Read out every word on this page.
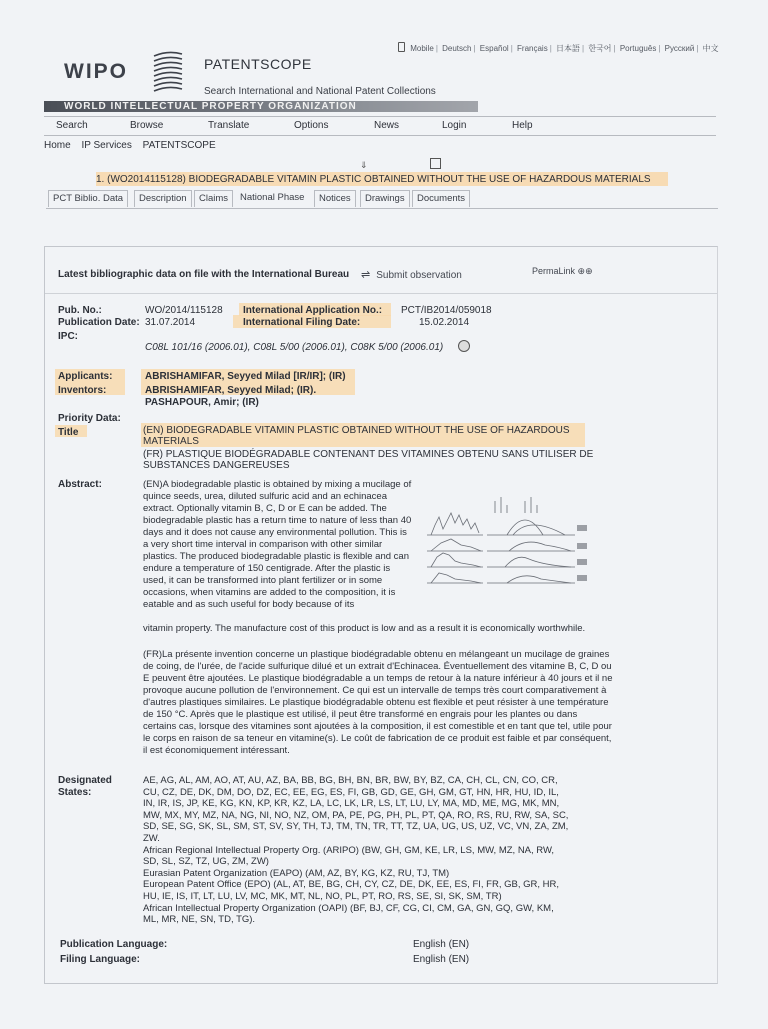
Mobile | Deutsch | Español | Français | 日本語 | 한국어 | Português | Русский | 中文
WIPO	PATENTSCOPE
Search International and National Patent Collections
WORLD INTELLECTUAL PROPERTY ORGANIZATION
Search	Browse	Translate	Options	News	Login	Help
Home IP Services PATENTSCOPE
⇓
1. (WO2014115128) BIODEGRADABLE VITAMIN PLASTIC OBTAINED WITHOUT THE USE OF HAZARDOUS MATERIALS
PCT Biblio. Data	Description	Claims	National Phase	Notices	Drawings	Documents
Latest bibliographic data on file with the International Bureau ⇌ Submit observation	PermaLink ⊕⊕
Pub. No.:	WO/2014/115128
Publication Date: 31.07.2014
International Application No.: PCT/IB2014/059018
International Filing Date:	15.02.2014
IPC:
C08L 101/16 (2006.01), C08L 5/00 (2006.01), C08K 5/00 (2006.01)
Applicants:	ABRISHAMIFAR, Seyyed Milad [IR/IR]; (IR)
Inventors:	ABRISHAMIFAR, Seyyed Milad; (IR).
PASHAPOUR, Amir; (IR)
Priority Data:
Title	(EN) BIODEGRADABLE VITAMIN PLASTIC OBTAINED WITHOUT THE USE OF HAZARDOUS MATERIALS
(FR) PLASTIQUE BIODÉGRADABLE CONTENANT DES VITAMINES OBTENU SANS UTILISER DE SUBSTANCES DANGEREUSES
Abstract:	(EN)A biodegradable plastic is obtained by mixing a mucilage of quince seeds, urea, diluted sulfuric acid and an echinacea extract. Optionally vitamin B, C, D or E can be added. The biodegradable plastic has a return time to nature of less than 40 days and it does not cause any environmental pollution. This is a very short time interval in comparison with other similar plastics. The produced biodegradable plastic is flexible and can endure a temperature of 150 centigrade. After the plastic is used, it can be transformed into plant fertilizer or in some occasions, when vitamins are added to the composition, it is eatable and as such useful for body because of its
vitamin property. The manufacture cost of this product is low and as a result it is economically worthwhile.
(FR)La présente invention concerne un plastique biodégradable obtenu en mélangeant un mucilage de graines de coing, de l'urée, de l'acide sulfurique dilué et un extrait d'Echinacea. Éventuellement des vitamine B, C, D ou E peuvent être ajoutées. Le plastique biodégradable a un temps de retour à la nature inférieur à 40 jours et il ne provoque aucune pollution de l'environnement. Ce qui est un intervalle de temps très court comparativement à d'autres plastiques similaires. Le plastique biodégradable obtenu est flexible et peut résister à une température de 150 °C. Après que le plastique est utilisé, il peut être transformé en engrais pour les plantes ou dans certains cas, lorsque des vitamines sont ajoutées à la composition, il est comestible et en tant que tel, utile pour le corps en raison de sa teneur en vitamine(s). Le coût de fabrication de ce produit est faible et par conséquent, il est économiquement intéressant.
Designated
States:
AE, AG, AL, AM, AO, AT, AU, AZ, BA, BB, BG, BH, BN, BR, BW, BY, BZ, CA, CH, CL, CN, CO, CR,
CU, CZ, DE, DK, DM, DO, DZ, EC, EE, EG, ES, FI, GB, GD, GE, GH, GM, GT, HN, HR, HU, ID, IL,
IN, IR, IS, JP, KE, KG, KN, KP, KR, KZ, LA, LC, LK, LR, LS, LT, LU, LY, MA, MD, ME, MG, MK, MN,
MW, MX, MY, MZ, NA, NG, NI, NO, NZ, OM, PA, PE, PG, PH, PL, PT, QA, RO, RS, RU, RW, SA, SC,
SD, SE, SG, SK, SL, SM, ST, SV, SY, TH, TJ, TM, TN, TR, TT, TZ, UA, UG, US, UZ, VC, VN, ZA, ZM,
ZW.
African Regional Intellectual Property Org. (ARIPO) (BW, GH, GM, KE, LR, LS, MW, MZ, NA, RW,
SD, SL, SZ, TZ, UG, ZM, ZW)
Eurasian Patent Organization (EAPO) (AM, AZ, BY, KG, KZ, RU, TJ, TM)
European Patent Office (EPO) (AL, AT, BE, BG, CH, CY, CZ, DE, DK, EE, ES, FI, FR, GB, GR, HR,
HU, IE, IS, IT, LT, LU, LV, MC, MK, MT, NL, NO, PL, PT, RO, RS, SE, SI, SK, SM, TR)
African Intellectual Property Organization (OAPI) (BF, BJ, CF, CG, CI, CM, GA, GN, GQ, GW, KM,
ML, MR, NE, SN, TD, TG).
Publication Language:	English (EN)
Filing Language:	English (EN)
